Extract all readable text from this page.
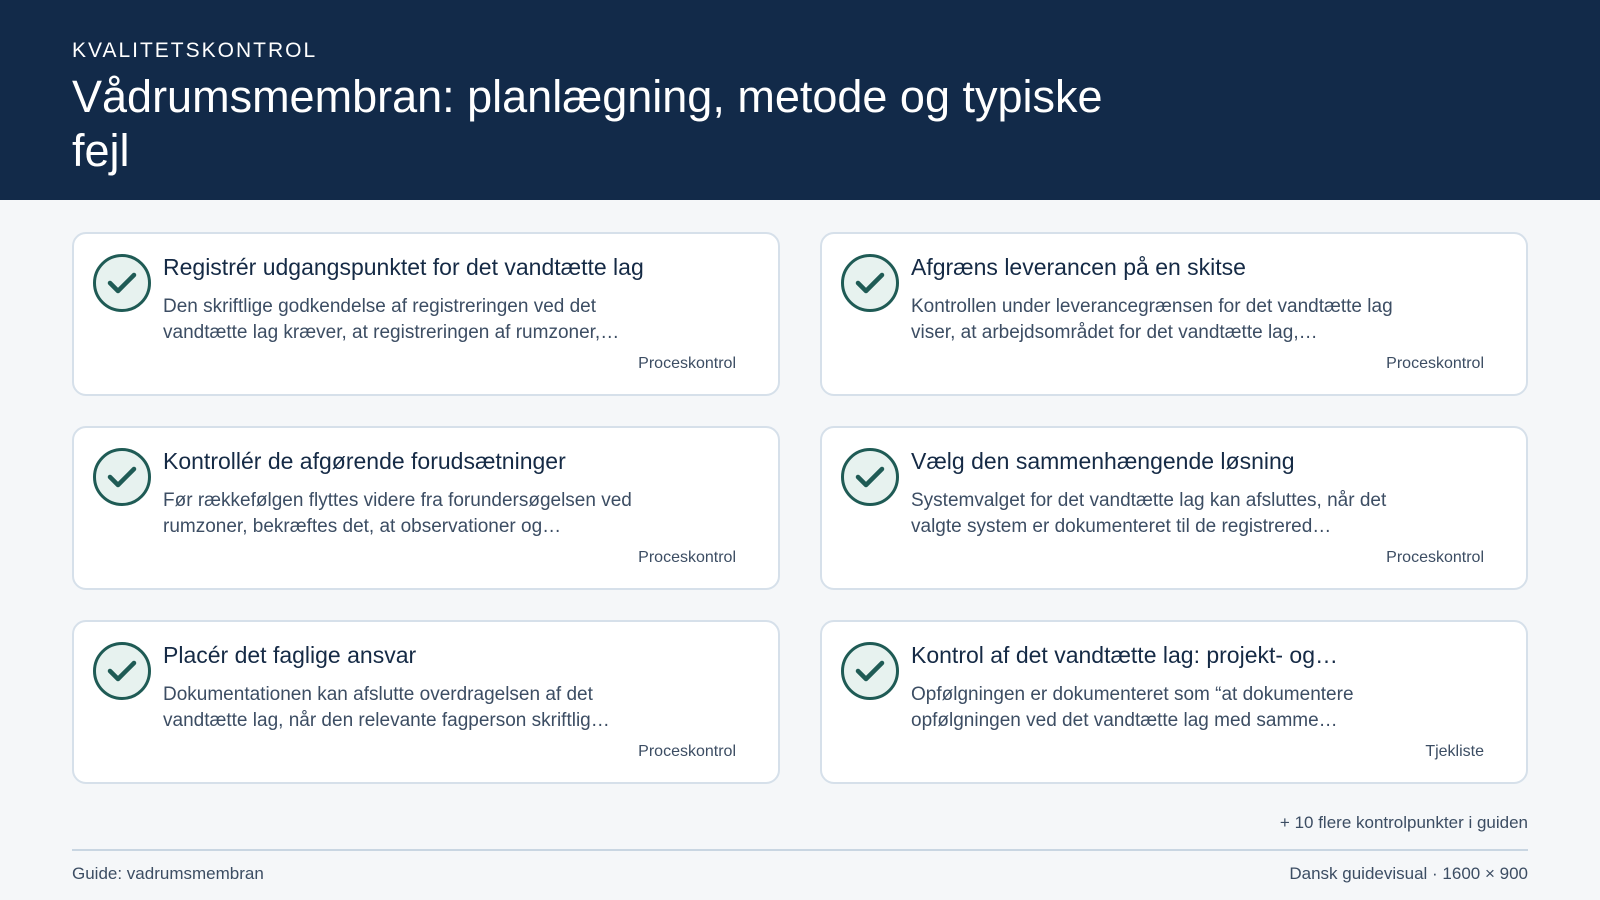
KVALITETSKONTROL
Vådrumsmembran: planlægning, metode og typiske fejl
Registrér udgangspunktet for det vandtætte lag
Den skriftlige godkendelse af registreringen ved det vandtætte lag kræver, at registreringen af rumzoner,…
Proceskontrol
Afgræns leverancen på en skitse
Kontrollen under leverancegrænsen for det vandtætte lag viser, at arbejdsområdet for det vandtætte lag,…
Proceskontrol
Kontrollér de afgørende forudsætninger
Før rækkefølgen flyttes videre fra forundersøgelsen ved rumzoner, bekræftes det, at observationer og…
Proceskontrol
Vælg den sammenhængende løsning
Systemvalget for det vandtætte lag kan afsluttes, når det valgte system er dokumenteret til de registrered…
Proceskontrol
Placér det faglige ansvar
Dokumentationen kan afslutte overdragelsen af det vandtætte lag, når den relevante fagperson skriftlig…
Proceskontrol
Kontrol af det vandtætte lag: projekt- og…
Opfølgningen er dokumenteret som “at dokumentere opfølgningen ved det vandtætte lag med samme…
Tjekliste
+ 10 flere kontrolpunkter i guiden
Guide: vadrumsmembran	Dansk guidevisual · 1600 × 900
